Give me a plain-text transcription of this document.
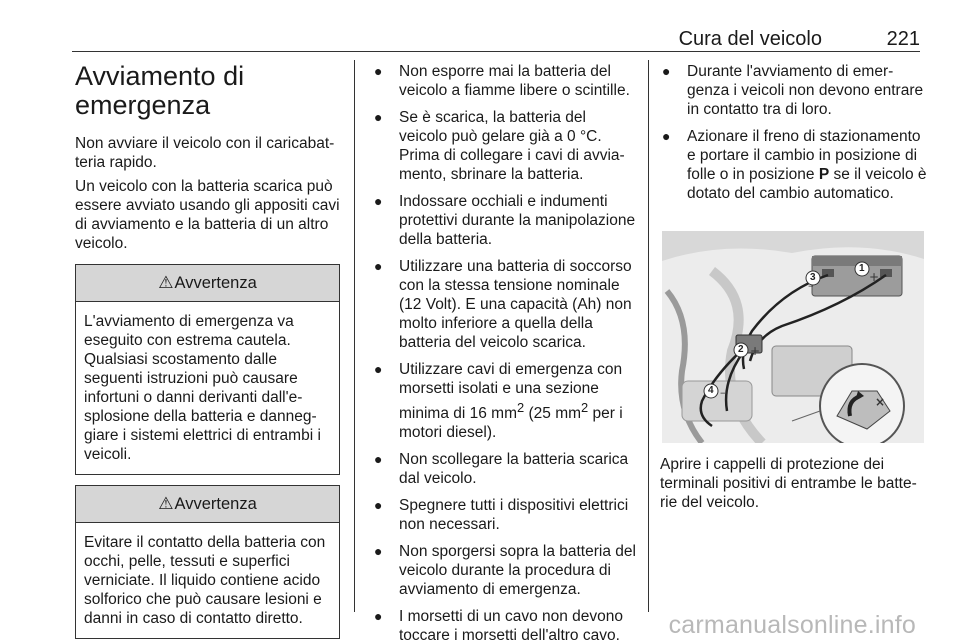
Cura del veicolo	221
Avviamento di emergenza

Non avviare il veicolo con il caricabatteria rapido.

Un veicolo con la batteria scarica può essere avviato usando gli appositi cavi di avviamento e la batteria di un altro veicolo.

⚠ Avvertenza
L'avviamento di emergenza va eseguito con estrema cautela. Qualsiasi scostamento dalle seguenti istruzioni può causare infortuni o danni derivanti dall'esplosione della batteria e danneggiare i sistemi elettrici di entrambi i veicoli.
⚠ Avvertenza
Evitare il contatto della batteria con occhi, pelle, tessuti e superfici verniciate. Il liquido contiene acido solforico che può causare lesioni e danni in caso di contatto diretto.
● Non esporre mai la batteria del veicolo a fiamme libere o scintille.
● Se è scarica, la batteria del veicolo può gelare già a 0 °C. Prima di collegare i cavi di avviamento, sbrinare la batteria.
● Indossare occhiali e indumenti protettivi durante la manipolazione della batteria.
● Utilizzare una batteria di soccorso con la stessa tensione nominale (12 Volt). E una capacità (Ah) non molto inferiore a quella della batteria del veicolo scarica.
● Utilizzare cavi di emergenza con morsetti isolati e una sezione minima di 16 $mm^2$ (25 $mm^2$ per i motori diesel).
● Non scollegare la batteria scarica dal veicolo.
● Spegnere tutti i dispositivi elettrici non necessari.
● Non sporgersi sopra la batteria del veicolo durante la procedura di avviamento di emergenza.
● I morsetti di un cavo non devono toccare i morsetti dell'altro cavo.
● Durante l'avviamento di emergenza i veicoli non devono entrare in contatto tra di loro.
● Azionare il freno di stazionamento e portare il cambio in posizione di folle o in posizione P se il veicolo è dotato del cambio automatico.
×
–
+
+
–
3
1
2
4

Aprire i cappelli di protezione dei terminali positivi di entrambe le batterie del veicolo.

carmanualsonline.info
